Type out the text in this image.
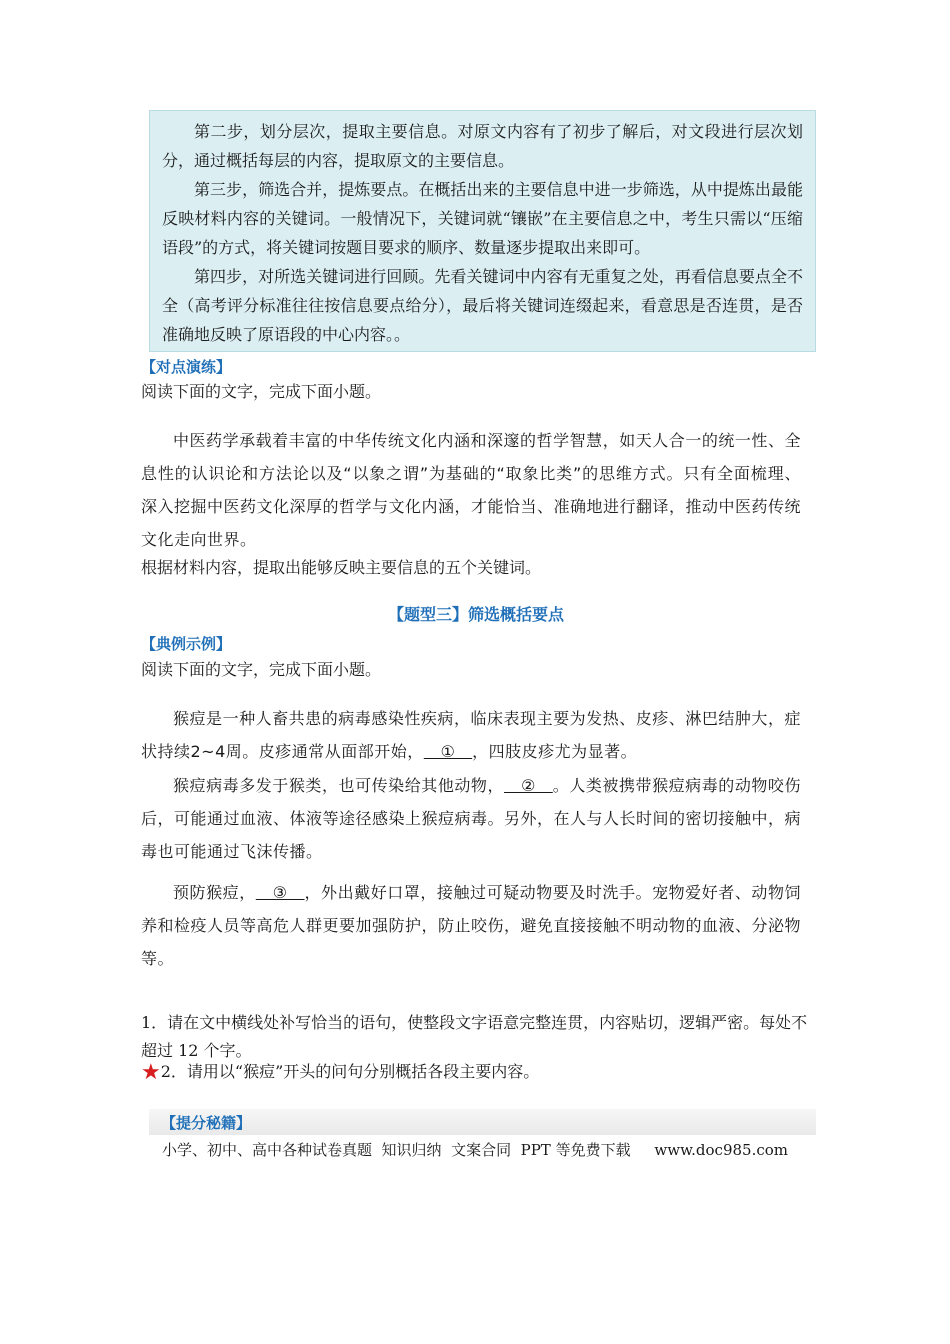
第二步，划分层次，提取主要信息。对原文内容有了初步了解后，对文段进行层次划分，通过概括每层的内容，提取原文的主要信息。

第三步，筛选合并，提炼要点。在概括出来的主要信息中进一步筛选，从中提炼出最能反映材料内容的关键词。一般情况下，关键词就“镶嵌”在主要信息之中，考生只需以“压缩语段”的方式，将关键词按题目要求的顺序、数量逐步提取出来即可。

第四步，对所选关键词进行回顾。先看关键词中内容有无重复之处，再看信息要点全不全（高考评分标准往往按信息要点给分），最后将关键词连缀起来，看意思是否连贯，是否准确地反映了原语段的中心内容。。

【对点演练】
阅读下面的文字，完成下面小题。

中医药学承载着丰富的中华传统文化内涵和深邃的哲学智慧，如天人合一的统一性、全息性的认识论和方法论以及“以象之谓”为基础的“取象比类”的思维方式。只有全面梳理、深入挖掘中医药文化深厚的哲学与文化内涵，才能恰当、准确地进行翻译，推动中医药传统文化走向世界。

根据材料内容，提取出能够反映主要信息的五个关键词。
【题型三】筛选概括要点
【典例示例】
阅读下面的文字，完成下面小题。

猴痘是一种人畜共患的病毒感染性疾病，临床表现主要为发热、皮疹、淋巴结肿大，症状持续2~4周。皮疹通常从面部开始，   ①   ，四肢皮疹尤为显著。

猴痘病毒多发于猴类，也可传染给其他动物，   ②   。人类被携带猴痘病毒的动物咬伤后，可能通过血液、体液等途径感染上猴痘病毒。另外，在人与人长时间的密切接触中，病毒也可能通过飞沫传播。

预防猴痘，   ③   ，外出戴好口罩，接触过可疑动物要及时洗手。宠物爱好者、动物饲养和检疫人员等高危人群更要加强防护，防止咬伤，避免直接接触不明动物的血液、分泌物等。

1．请在文中横线处补写恰当的语句，使整段文字语意完整连贯，内容贴切，逻辑严密。每处不超过 12 个字。
★2．请用以“猴痘”开头的问句分别概括各段主要内容。
【提分秘籍】
小学、初中、高中各种试卷真题  知识归纳  文案合同  PPT 等免费下载     www.doc985.com
